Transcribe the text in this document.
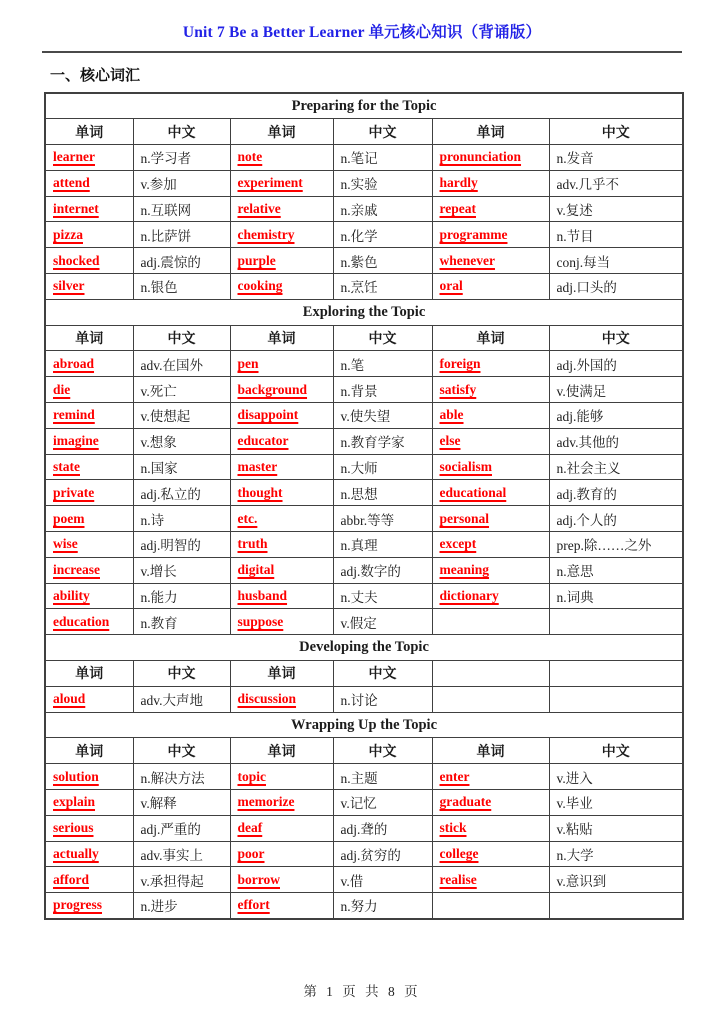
Unit 7 Be a Better Learner 单元核心知识（背诵版）
一、核心词汇
Preparing for the Topic					
单词	中文	单词	中文	单词	中文
learner	n.学习者	note	n.笔记	pronunciation	n.发音
attend	v.参加	experiment	n.实验	hardly	adv.几乎不
internet	n.互联网	relative	n.亲戚	repeat	v.复述
pizza	n.比萨饼	chemistry	n.化学	programme	n.节目
shocked	adj.震惊的	purple	n.紫色	whenever	conj.每当
silver	n.银色	cooking	n.烹饪	oral	adj.口头的
Exploring the Topic					
单词	中文	单词	中文	单词	中文
abroad	adv.在国外	pen	n.笔	foreign	adj.外国的
die	v.死亡	background	n.背景	satisfy	v.使满足
remind	v.使想起	disappoint	v.使失望	able	adj.能够
imagine	v.想象	educator	n.教育学家	else	adv.其他的
state	n.国家	master	n.大师	socialism	n.社会主义
private	adj.私立的	thought	n.思想	educational	adj.教育的
poem	n.诗	etc.	abbr.等等	personal	adj.个人的
wise	adj.明智的	truth	n.真理	except	prep.除……之外
increase	v.增长	digital	adj.数字的	meaning	n.意思
ability	n.能力	husband	n.丈夫	dictionary	n.词典
education	n.教育	suppose	v.假定		
Developing the Topic					
单词	中文	单词	中文		
aloud	adv.大声地	discussion	n.讨论		
Wrapping Up the Topic					
单词	中文	单词	中文	单词	中文
solution	n.解决方法	topic	n.主题	enter	v.进入
explain	v.解释	memorize	v.记忆	graduate	v.毕业
serious	adj.严重的	deaf	adj.聋的	stick	v.粘贴
actually	adv.事实上	poor	adj.贫穷的	college	n.大学
afford	v.承担得起	borrow	v.借	realise	v.意识到
progress	n.进步	effort	n.努力		
第 1 页 共 8 页
